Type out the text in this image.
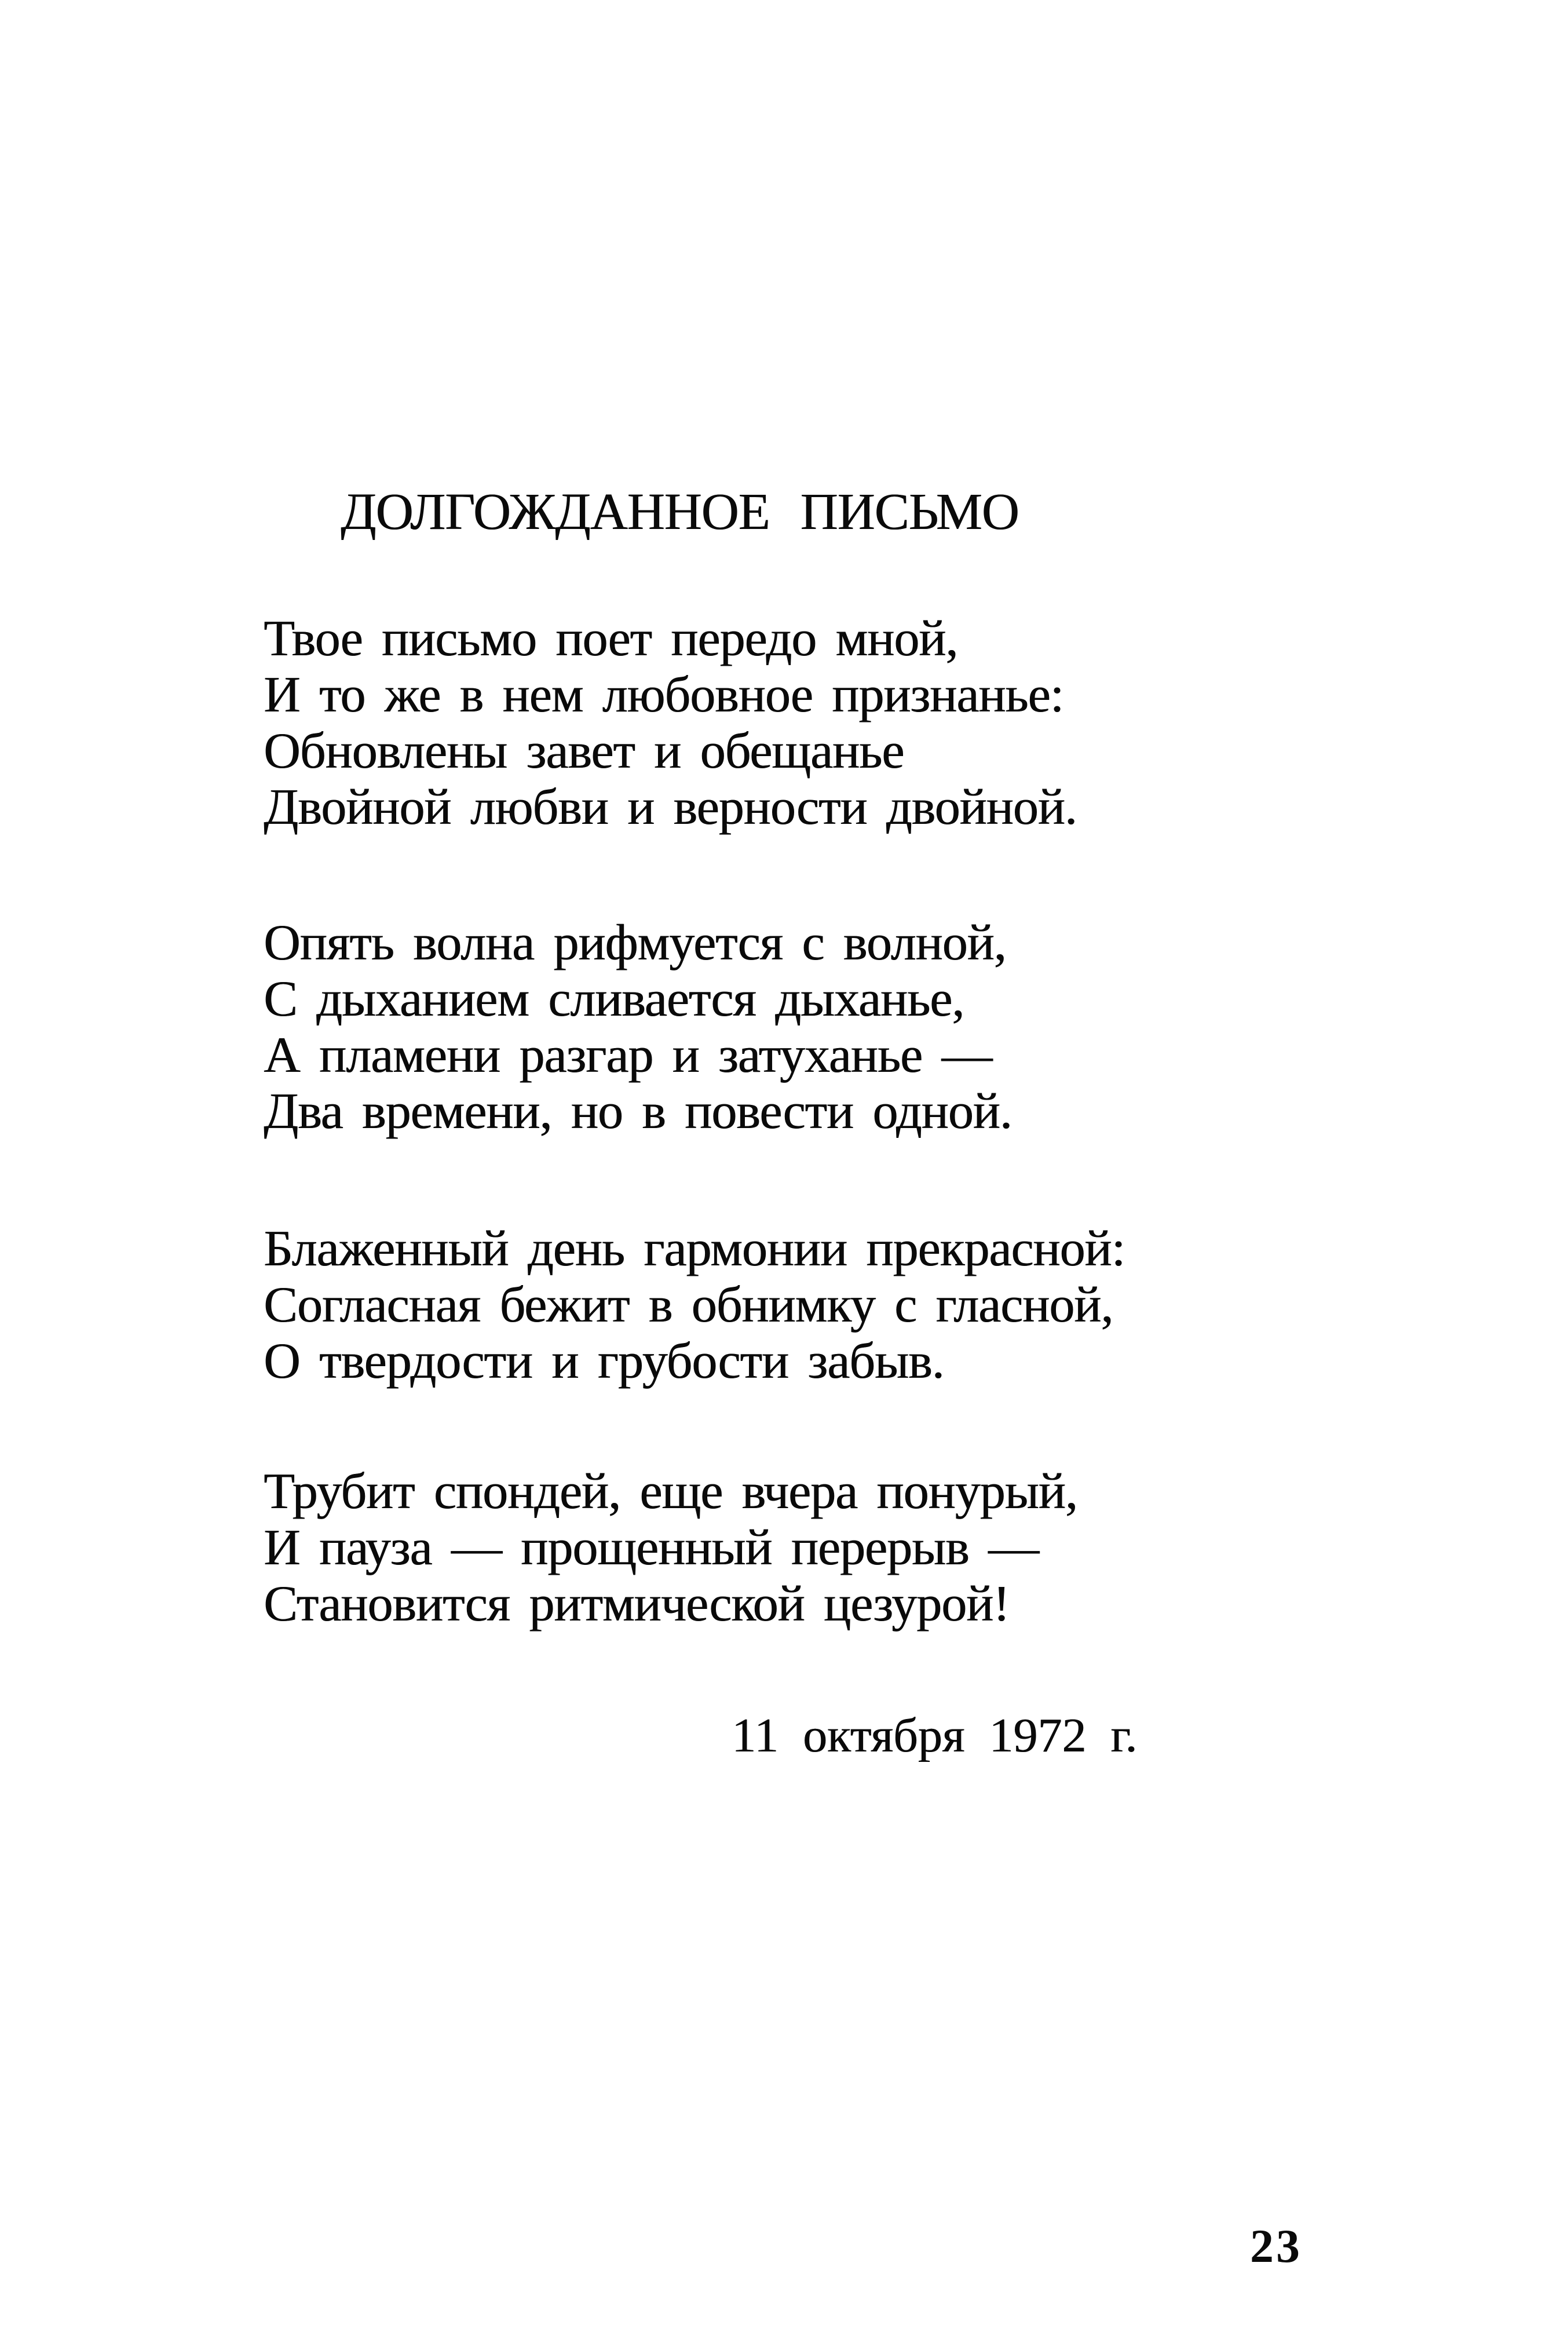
ДОЛГОЖДАННОЕ ПИСЬМО
Твое письмо поет передо мной,
И то же в нем любовное признанье:
Обновлены завет и обещанье
Двойной любви и верности двойной.
Опять волна рифмуется с волной,
С дыханием сливается дыханье,
А пламени разгар и затуханье —
Два времени, но в повести одной.
Блаженный день гармонии прекрасной:
Согласная бежит в обнимку с гласной,
О твердости и грубости забыв.
Трубит спондей, еще вчера понурый,
И пауза — прощенный перерыв —
Становится ритмической цезурой!
11 октября 1972 г.
23
